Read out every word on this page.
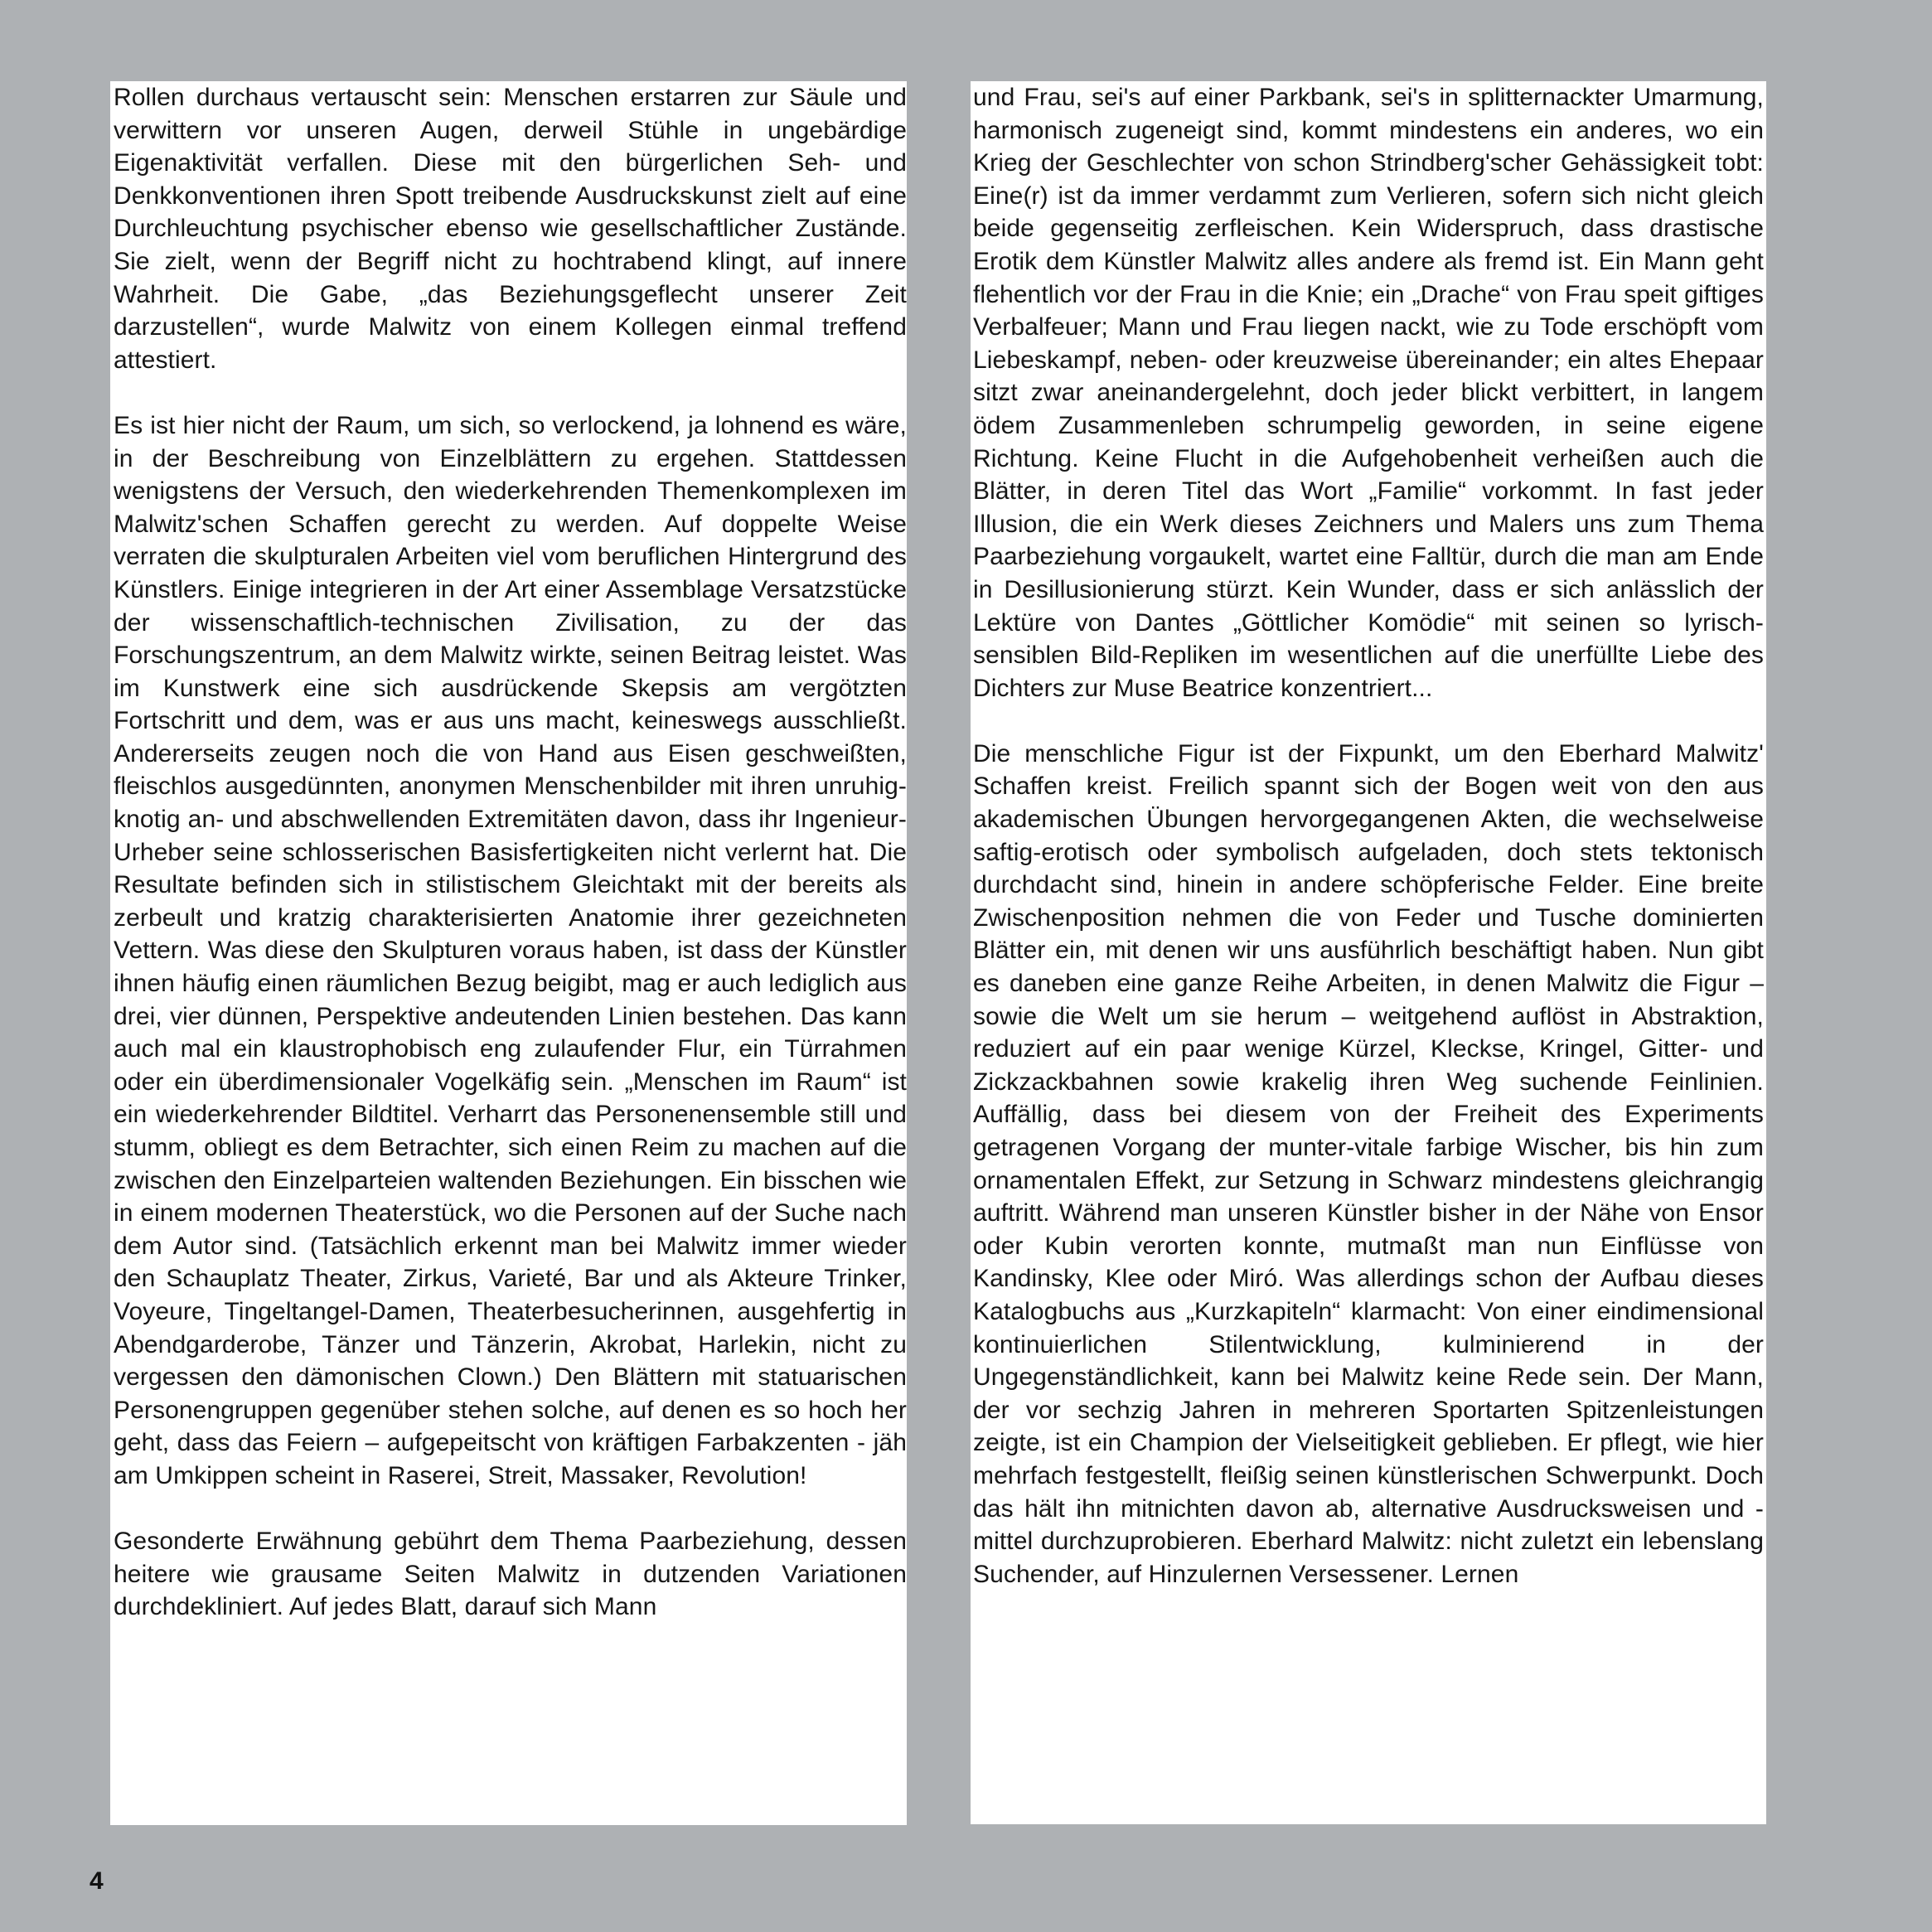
Rollen durchaus vertauscht sein: Menschen erstarren zur Säule und verwittern vor unseren Augen, derweil Stühle in ungebärdige Eigenaktivität verfallen. Diese mit den bürgerlichen Seh- und Denkkonventionen ihren Spott treibende Ausdruckskunst zielt auf eine Durchleuchtung psychischer ebenso wie gesellschaftlicher Zustände. Sie zielt, wenn der Begriff nicht zu hochtrabend klingt, auf innere Wahrheit. Die Gabe, „das Beziehungsgeflecht unserer Zeit darzustellen“, wurde Malwitz von einem Kollegen einmal treffend attestiert.

Es ist hier nicht der Raum, um sich, so verlockend, ja lohnend es wäre, in der Beschreibung von Einzelblättern zu ergehen. Stattdessen wenigstens der Versuch, den wiederkehrenden Themenkomplexen im Malwitz'schen Schaffen gerecht zu werden. Auf doppelte Weise verraten die skulpturalen Arbeiten viel vom beruflichen Hintergrund des Künstlers. Einige integrieren in der Art einer Assemblage Versatzstücke der wissenschaftlich-technischen Zivilisation, zu der das Forschungszentrum, an dem Malwitz wirkte, seinen Beitrag leistet. Was im Kunstwerk eine sich ausdrückende Skepsis am vergötzten Fortschritt und dem, was er aus uns macht, keineswegs ausschließt. Andererseits zeugen noch die von Hand aus Eisen geschweißten, fleischlos ausgedünnten, anonymen Menschenbilder mit ihren unruhig-knotig an- und abschwellenden Extremitäten davon, dass ihr Ingenieur-Urheber seine schlosserischen Basisfertigkeiten nicht verlernt hat. Die Resultate befinden sich in stilistischem Gleichtakt mit der bereits als zerbeult und kratzig charakterisierten Anatomie ihrer gezeichneten Vettern. Was diese den Skulpturen voraus haben, ist dass der Künstler ihnen häufig einen räumlichen Bezug beigibt, mag er auch lediglich aus drei, vier dünnen, Perspektive andeutenden Linien bestehen. Das kann auch mal ein klaustrophobisch eng zulaufender Flur, ein Türrahmen oder ein überdimensionaler Vogelkäfig sein. „Menschen im Raum“ ist ein wiederkehrender Bildtitel. Verharrt das Personenensemble still und stumm, obliegt es dem Betrachter, sich einen Reim zu machen auf die zwischen den Einzelparteien waltenden Beziehungen. Ein bisschen wie in einem modernen Theaterstück, wo die Personen auf der Suche nach dem Autor sind. (Tatsächlich erkennt man bei Malwitz immer wieder den Schauplatz Theater, Zirkus, Varieté, Bar und als Akteure Trinker, Voyeure, Tingeltangel-Damen, Theaterbesucherinnen, ausgehfertig in Abendgarderobe, Tänzer und Tänzerin, Akrobat, Harlekin, nicht zu vergessen den dämonischen Clown.) Den Blättern mit statuarischen Personengruppen gegenüber stehen solche, auf denen es so hoch her geht, dass das Feiern – aufgepeitscht von kräftigen Farbakzenten - jäh am Umkippen scheint in Raserei, Streit, Massaker, Revolution!

Gesonderte Erwähnung gebührt dem Thema Paarbeziehung, dessen heitere wie grausame Seiten Malwitz in dutzenden Variationen durchdekliniert. Auf jedes Blatt, darauf sich Mann

und Frau, sei's auf einer Parkbank, sei's in splitternackter Umarmung, harmonisch zugeneigt sind, kommt mindestens ein anderes, wo ein Krieg der Geschlechter von schon Strindberg'scher Gehässigkeit tobt: Eine(r) ist da immer verdammt zum Verlieren, sofern sich nicht gleich beide gegenseitig zerfleischen. Kein Widerspruch, dass drastische Erotik dem Künstler Malwitz alles andere als fremd ist. Ein Mann geht flehentlich vor der Frau in die Knie; ein „Drache“ von Frau speit giftiges Verbalfeuer; Mann und Frau liegen nackt, wie zu Tode erschöpft vom Liebeskampf, neben- oder kreuzweise übereinander; ein altes Ehepaar sitzt zwar aneinandergelehnt, doch jeder blickt verbittert, in langem ödem Zusammenleben schrumpelig geworden, in seine eigene Richtung. Keine Flucht in die Aufgehobenheit verheißen auch die Blätter, in deren Titel das Wort „Familie“ vorkommt. In fast jeder Illusion, die ein Werk dieses Zeichners und Malers uns zum Thema Paarbeziehung vorgaukelt, wartet eine Falltür, durch die man am Ende in Desillusionierung stürzt. Kein Wunder, dass er sich anlässlich der Lektüre von Dantes „Göttlicher Komödie“ mit seinen so lyrisch-sensiblen Bild-Repliken im wesentlichen auf die unerfüllte Liebe des Dichters zur Muse Beatrice konzentriert...

Die menschliche Figur ist der Fixpunkt, um den Eberhard Malwitz' Schaffen kreist. Freilich spannt sich der Bogen weit von den aus akademischen Übungen hervorgegangenen Akten, die wechselweise saftig-erotisch oder symbolisch aufgeladen, doch stets tektonisch durchdacht sind, hinein in andere schöpferische Felder. Eine breite Zwischenposition nehmen die von Feder und Tusche dominierten Blätter ein, mit denen wir uns ausführlich beschäftigt haben. Nun gibt es daneben eine ganze Reihe Arbeiten, in denen Malwitz die Figur – sowie die Welt um sie herum – weitgehend auflöst in Abstraktion, reduziert auf ein paar wenige Kürzel, Kleckse, Kringel, Gitter- und Zickzackbahnen sowie krakelig ihren Weg suchende Feinlinien. Auffällig, dass bei diesem von der Freiheit des Experiments getragenen Vorgang der munter-vitale farbige Wischer, bis hin zum ornamentalen Effekt, zur Setzung in Schwarz mindestens gleichrangig auftritt. Während man unseren Künstler bisher in der Nähe von Ensor oder Kubin verorten konnte, mutmaßt man nun Einflüsse von Kandinsky, Klee oder Miró. Was allerdings schon der Aufbau dieses Katalogbuchs aus „Kurzkapiteln“ klarmacht: Von einer eindimensional kontinuierlichen Stilentwicklung, kulminierend in der Ungegenständlichkeit, kann bei Malwitz keine Rede sein. Der Mann, der vor sechzig Jahren in mehreren Sportarten Spitzenleistungen zeigte, ist ein Champion der Vielseitigkeit geblieben. Er pflegt, wie hier mehrfach festgestellt, fleißig seinen künstlerischen Schwerpunkt. Doch das hält ihn mitnichten davon ab, alternative Ausdrucksweisen und -mittel durchzuprobieren. Eberhard Malwitz: nicht zuletzt ein lebenslang Suchender, auf Hinzulernen Versessener. Lernen

4
